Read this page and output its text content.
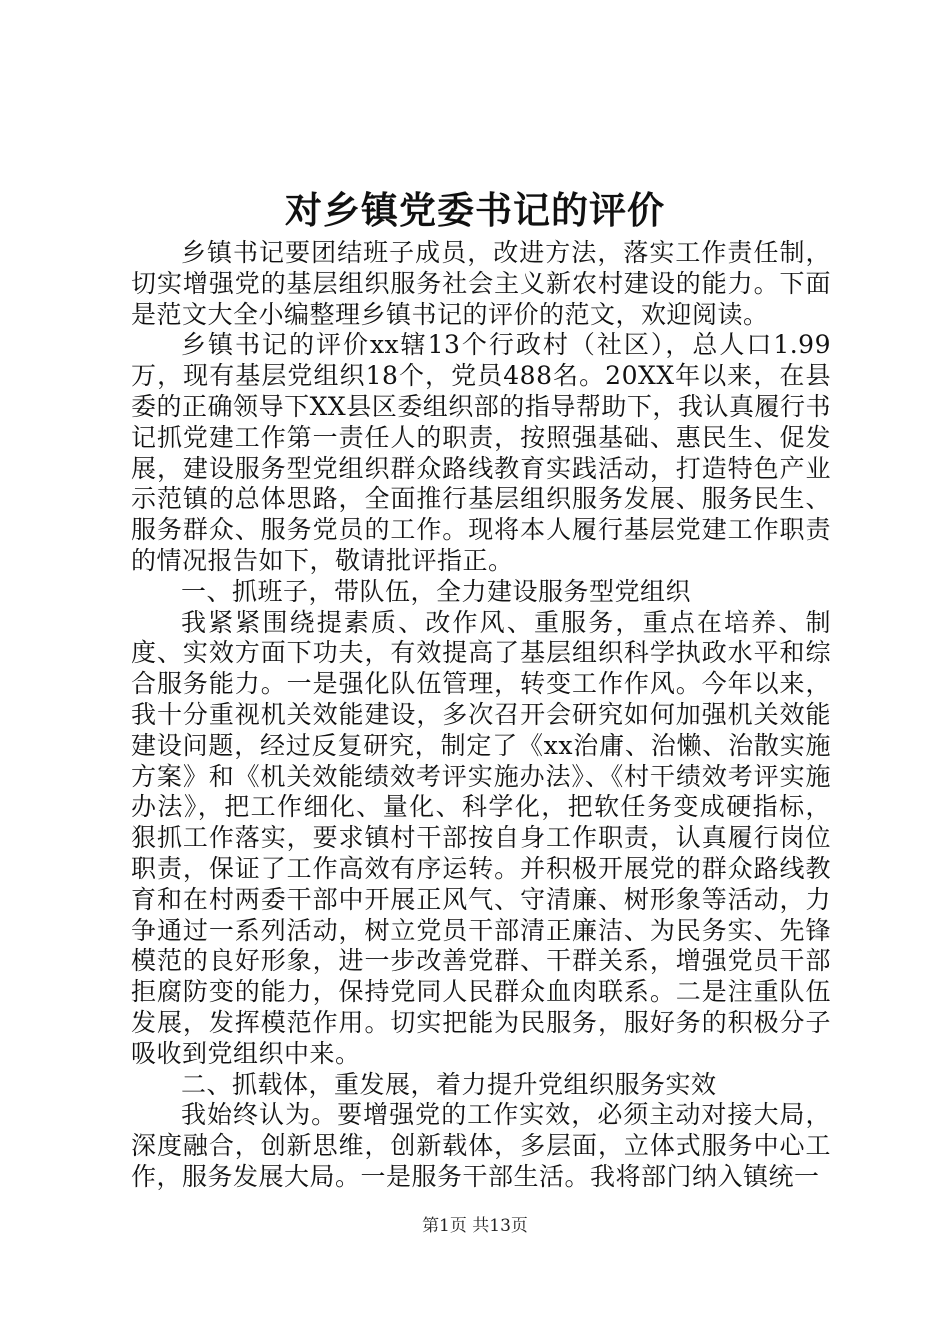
对乡镇党委书记的评价

乡镇书记要团结班子成员，改进方法，落实工作责任制，切实增强党的基层组织服务社会主义新农村建设的能力。下面是范文大全小编整理乡镇书记的评价的范文，欢迎阅读。

乡镇书记的评价xx辖13个行政村（社区），总人口1.99万，现有基层党组织18个，党员488名。20XX年以来，在县委的正确领导下XX县区委组织部的指导帮助下，我认真履行书记抓党建工作第一责任人的职责，按照强基础、惠民生、促发展，建设服务型党组织群众路线教育实践活动，打造特色产业示范镇的总体思路，全面推行基层组织服务发展、服务民生、服务群众、服务党员的工作。现将本人履行基层党建工作职责的情况报告如下，敬请批评指正。

一、抓班子，带队伍，全力建设服务型党组织

我紧紧围绕提素质、改作风、重服务，重点在培养、制度、实效方面下功夫，有效提高了基层组织科学执政水平和综合服务能力。一是强化队伍管理，转变工作作风。今年以来，我十分重视机关效能建设，多次召开会研究如何加强机关效能建设问题，经过反复研究，制定了《xx治庸、治懒、治散实施方案》和《机关效能绩效考评实施办法》、《村干绩效考评实施办法》，把工作细化、量化、科学化，把软任务变成硬指标，狠抓工作落实，要求镇村干部按自身工作职责，认真履行岗位职责，保证了工作高效有序运转。并积极开展党的群众路线教育和在村两委干部中开展正风气、守清廉、树形象等活动，力争通过一系列活动，树立党员干部清正廉洁、为民务实、先锋模范的良好形象，进一步改善党群、干群关系，增强党员干部拒腐防变的能力，保持党同人民群众血肉联系。二是注重队伍发展，发挥模范作用。切实把能为民服务，服好务的积极分子吸收到党组织中来。

二、抓载体，重发展，着力提升党组织服务实效

我始终认为。要增强党的工作实效，必须主动对接大局，深度融合，创新思维，创新载体，多层面，立体式服务中心工作，服务发展大局。一是服务干部生活。我将部门纳入镇统一

第1页 共13页
